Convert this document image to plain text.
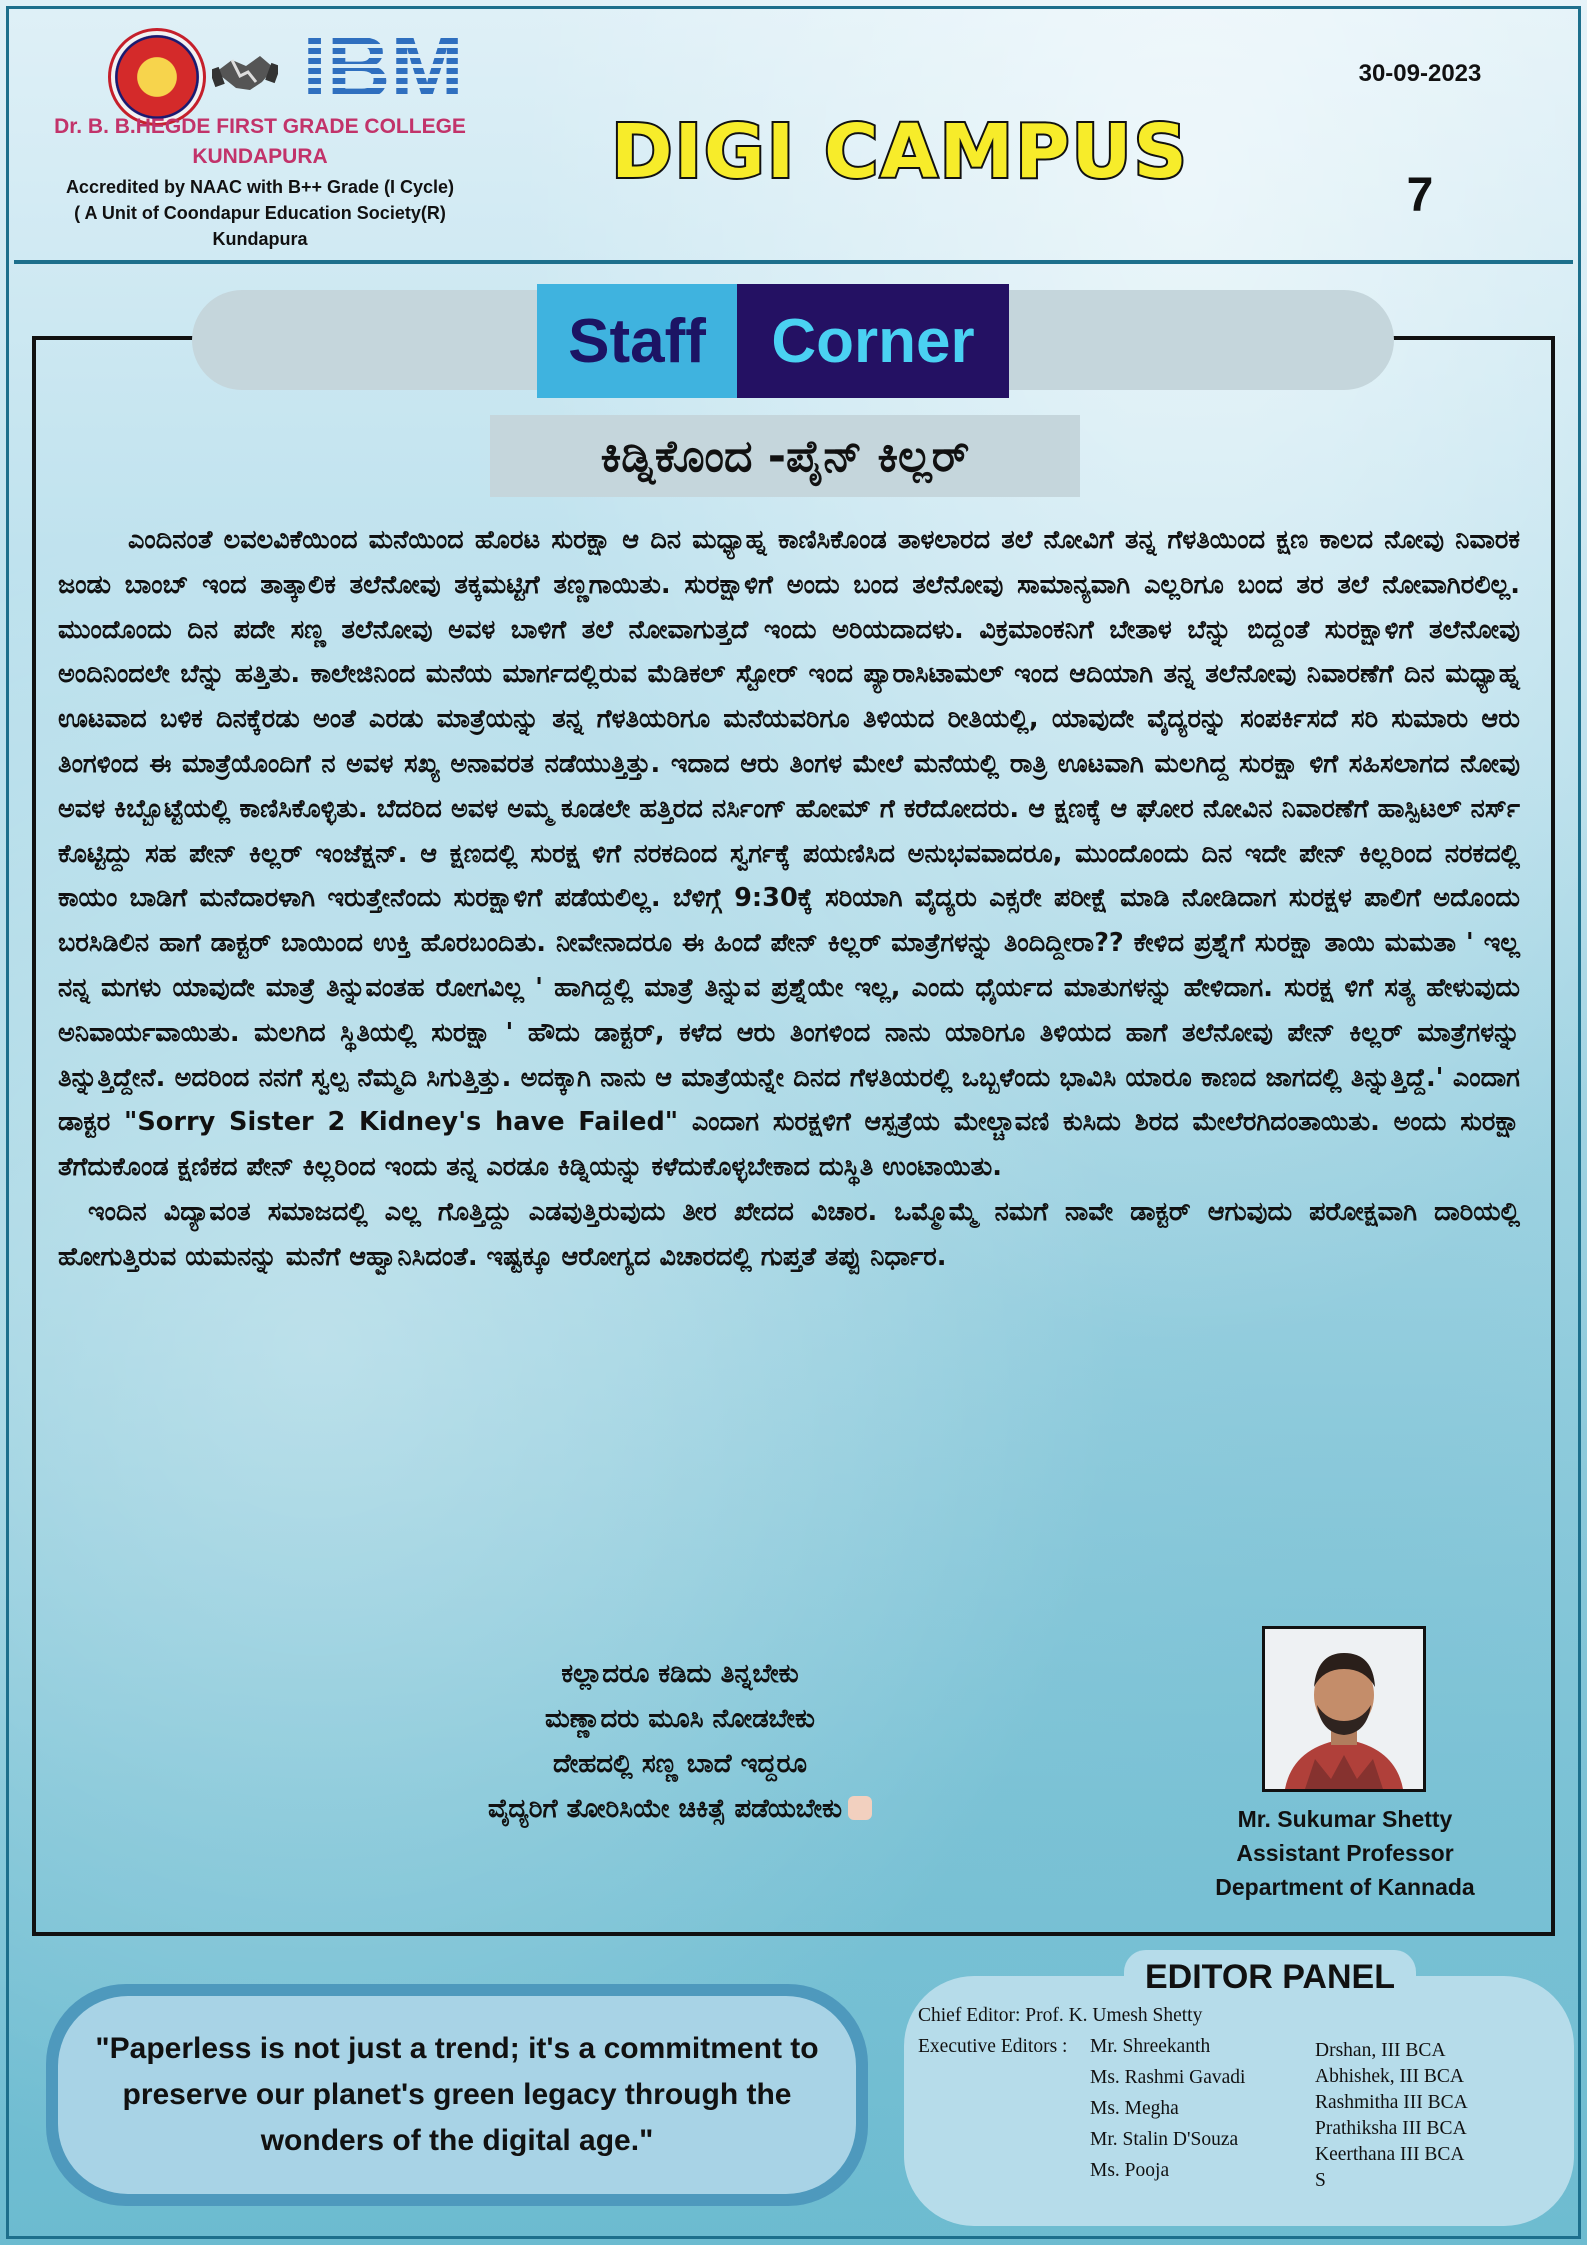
IBM
Dr. B. B.HEGDE FIRST GRADE COLLEGE
KUNDAPURA
Accredited by NAAC with B++ Grade (I Cycle)
( A Unit of Coondapur Education Society(R)
Kundapura
DIGI CAMPUS
30-09-2023
7
Staff	Corner
ಕಿಡ್ನಿಕೊಂದ -ಪೈನ್ ಕಿಲ್ಲರ್

ಎಂದಿನಂತೆ ಲವಲವಿಕೆಯಿಂದ ಮನೆಯಿಂದ ಹೊರಟ ಸುರಕ್ಷಾ ಆ ದಿನ ಮಧ್ಯಾಹ್ನ ಕಾಣಿಸಿಕೊಂಡ ತಾಳಲಾರದ ತಲೆ ನೋವಿಗೆ ತನ್ನ ಗೆಳತಿಯಿಂದ ಕ್ಷಣ ಕಾಲದ ನೋವು ನಿವಾರಕ ಜಂಡು ಬಾಂಬ್ ಇಂದ ತಾತ್ಕಾಲಿಕ ತಲೆನೋವು ತಕ್ಕಮಟ್ಟಿಗೆ ತಣ್ಣಗಾಯಿತು. ಸುರಕ್ಷಾಳಿಗೆ ಅಂದು ಬಂದ ತಲೆನೋವು ಸಾಮಾನ್ಯವಾಗಿ ಎಲ್ಲರಿಗೂ ಬಂದ ತರ ತಲೆ ನೋವಾಗಿರಲಿಲ್ಲ. ಮುಂದೊಂದು ದಿನ ಪದೇ ಸಣ್ಣ ತಲೆನೋವು ಅವಳ ಬಾಳಿಗೆ ತಲೆ ನೋವಾಗುತ್ತದೆ ಇಂದು ಅರಿಯದಾದಳು. ವಿಕ್ರಮಾಂಕನಿಗೆ ಬೇತಾಳ ಬೆನ್ನು ಬಿದ್ದಂತೆ ಸುರಕ್ಷಾಳಿಗೆ ತಲೆನೋವು ಅಂದಿನಿಂದಲೇ ಬೆನ್ನು ಹತ್ತಿತು. ಕಾಲೇಜಿನಿಂದ ಮನೆಯ ಮಾರ್ಗದಲ್ಲಿರುವ ಮೆಡಿಕಲ್ ಸ್ಟೋರ್ ಇಂದ ಪ್ಯಾರಾಸಿಟಾಮಲ್ ಇಂದ ಆದಿಯಾಗಿ ತನ್ನ ತಲೆನೋವು ನಿವಾರಣೆಗೆ ದಿನ ಮಧ್ಯಾಹ್ನ ಊಟವಾದ ಬಳಿಕ ದಿನಕ್ಕೆರಡು ಅಂತೆ ಎರಡು ಮಾತ್ರೆಯನ್ನು ತನ್ನ ಗೆಳತಿಯರಿಗೂ ಮನೆಯವರಿಗೂ ತಿಳಿಯದ ರೀತಿಯಲ್ಲಿ, ಯಾವುದೇ ವೈದ್ಯರನ್ನು ಸಂಪರ್ಕಿಸದೆ ಸರಿ ಸುಮಾರು ಆರು ತಿಂಗಳಿಂದ ಈ ಮಾತ್ರೆಯೊಂದಿಗೆ ನ ಅವಳ ಸಖ್ಯ ಅನಾವರತ ನಡೆಯುತ್ತಿತ್ತು. ಇದಾದ ಆರು ತಿಂಗಳ ಮೇಲೆ ಮನೆಯಲ್ಲಿ ರಾತ್ರಿ ಊಟವಾಗಿ ಮಲಗಿದ್ದ ಸುರಕ್ಷಾ ಳಿಗೆ ಸಹಿಸಲಾಗದ ನೋವು ಅವಳ ಕಿಬ್ಬೊಟ್ಟೆಯಲ್ಲಿ ಕಾಣಿಸಿಕೊಳ್ಳಿತು. ಬೆದರಿದ ಅವಳ ಅಮ್ಮ ಕೂಡಲೇ ಹತ್ತಿರದ ನರ್ಸಿಂಗ್ ಹೋಮ್ ಗೆ ಕರೆದೋದರು. ಆ ಕ್ಷಣಕ್ಕೆ ಆ ಘೋರ ನೋವಿನ ನಿವಾರಣೆಗೆ ಹಾಸ್ಪಿಟಲ್ ನರ್ಸ್ ಕೊಟ್ಟಿದ್ದು ಸಹ ಪೇನ್ ಕಿಲ್ಲರ್ ಇಂಜೆಕ್ಷನ್. ಆ ಕ್ಷಣದಲ್ಲಿ ಸುರಕ್ಷ ಳಿಗೆ ನರಕದಿಂದ ಸ್ವರ್ಗಕ್ಕೆ ಪಯಣಿಸಿದ ಅನುಭವವಾದರೂ, ಮುಂದೊಂದು ದಿನ ಇದೇ ಪೇನ್ ಕಿಲ್ಲರಿಂದ ನರಕದಲ್ಲಿ ಕಾಯಂ ಬಾಡಿಗೆ ಮನೆದಾರಳಾಗಿ ಇರುತ್ತೇನೆಂದು ಸುರಕ್ಷಾಳಿಗೆ ಪಡೆಯಲಿಲ್ಲ. ಬೆಳಿಗ್ಗೆ 9:30ಕ್ಕೆ ಸರಿಯಾಗಿ ವೈದ್ಯರು ಎಕ್ಸರೇ ಪರೀಕ್ಷೆ ಮಾಡಿ ನೋಡಿದಾಗ ಸುರಕ್ಷಳ ಪಾಲಿಗೆ ಅದೊಂದು ಬರಸಿಡಿಲಿನ ಹಾಗೆ ಡಾಕ್ಟರ್ ಬಾಯಿಂದ ಉಕ್ತಿ ಹೊರಬಂದಿತು. ನೀವೇನಾದರೂ ಈ ಹಿಂದೆ ಪೇನ್ ಕಿಲ್ಲರ್ ಮಾತ್ರೆಗಳನ್ನು ತಿಂದಿದ್ದೀರಾ?? ಕೇಳಿದ ಪ್ರಶ್ನೆಗೆ ಸುರಕ್ಷಾ ತಾಯಿ ಮಮತಾ ' ಇಲ್ಲ ನನ್ನ ಮಗಳು ಯಾವುದೇ ಮಾತ್ರೆ ತಿನ್ನುವಂತಹ ರೋಗವಿಲ್ಲ ' ಹಾಗಿದ್ದಲ್ಲಿ ಮಾತ್ರೆ ತಿನ್ನುವ ಪ್ರಶ್ನೆಯೇ ಇಲ್ಲ, ಎಂದು ಧೈರ್ಯದ ಮಾತುಗಳನ್ನು ಹೇಳಿದಾಗ. ಸುರಕ್ಷ ಳಿಗೆ ಸತ್ಯ ಹೇಳುವುದು ಅನಿವಾರ್ಯವಾಯಿತು. ಮಲಗಿದ ಸ್ಥಿತಿಯಲ್ಲಿ ಸುರಕ್ಷಾ ' ಹೌದು ಡಾಕ್ಟರ್, ಕಳೆದ ಆರು ತಿಂಗಳಿಂದ ನಾನು ಯಾರಿಗೂ ತಿಳಿಯದ ಹಾಗೆ ತಲೆನೋವು ಪೇನ್ ಕಿಲ್ಲರ್ ಮಾತ್ರೆಗಳನ್ನು ತಿನ್ನುತ್ತಿದ್ದೇನೆ. ಅದರಿಂದ ನನಗೆ ಸ್ವಲ್ಪ ನೆಮ್ಮದಿ ಸಿಗುತ್ತಿತ್ತು. ಅದಕ್ಕಾಗಿ ನಾನು ಆ ಮಾತ್ರೆಯನ್ನೇ ದಿನದ ಗೆಳತಿಯರಲ್ಲಿ ಒಬ್ಬಳೆಂದು ಭಾವಿಸಿ ಯಾರೂ ಕಾಣದ ಜಾಗದಲ್ಲಿ ತಿನ್ನುತ್ತಿದ್ದೆ.' ಎಂದಾಗ ಡಾಕ್ಟರ "Sorry Sister 2 Kidney's have Failed" ಎಂದಾಗ ಸುರಕ್ಷಳಿಗೆ ಆಸ್ಪತ್ರೆಯ ಮೇಲ್ಚಾವಣಿ ಕುಸಿದು ಶಿರದ ಮೇಲೆರಗಿದಂತಾಯಿತು. ಅಂದು ಸುರಕ್ಷಾ ತೆಗೆದುಕೊಂಡ ಕ್ಷಣಿಕದ ಪೇನ್ ಕಿಲ್ಲರಿಂದ ಇಂದು ತನ್ನ ಎರಡೂ ಕಿಡ್ನಿಯನ್ನು ಕಳೆದುಕೊಳ್ಳಬೇಕಾದ ದುಸ್ಥಿತಿ ಉಂಟಾಯಿತು.

ಇಂದಿನ ವಿದ್ಯಾವಂತ ಸಮಾಜದಲ್ಲಿ ಎಲ್ಲ ಗೊತ್ತಿದ್ದು ಎಡವುತ್ತಿರುವುದು ತೀರ ಖೇದದ ವಿಚಾರ. ಒಮ್ಮೊಮ್ಮೆ ನಮಗೆ ನಾವೇ ಡಾಕ್ಟರ್ ಆಗುವುದು ಪರೋಕ್ಷವಾಗಿ ದಾರಿಯಲ್ಲಿ ಹೋಗುತ್ತಿರುವ ಯಮನನ್ನು ಮನೆಗೆ ಆಹ್ವಾನಿಸಿದಂತೆ. ಇಷ್ಟಕ್ಕೂ ಆರೋಗ್ಯದ ವಿಚಾರದಲ್ಲಿ ಗುಪ್ತತೆ ತಪ್ಪು ನಿರ್ಧಾರ.

ಕಲ್ಲಾದರೂ ಕಡಿದು ತಿನ್ನಬೇಕು
ಮಣ್ಣಾದರು ಮೂಸಿ ನೋಡಬೇಕು
ದೇಹದಲ್ಲಿ ಸಣ್ಣ ಬಾದೆ ಇದ್ದರೂ
ವೈದ್ಯರಿಗೆ ತೋರಿಸಿಯೇ ಚಿಕಿತ್ಸೆ ಪಡೆಯಬೇಕು	Mr. Sukumar Shetty
Assistant Professor
Department of Kannada
"Paperless is not just a trend; it's a commitment to preserve our planet's green legacy through the wonders of the digital age."
EDITOR PANEL
Chief Editor: Prof. K. Umesh Shetty
Executive Editors : Mr. Shreekanth
Ms. Rashmi Gavadi
Ms. Megha
Mr. Stalin D'Souza
Ms. Pooja
Drshan, III BCA
Abhishek, III BCA
Rashmitha III BCA
Prathiksha III BCA
Keerthana III BCA
S
